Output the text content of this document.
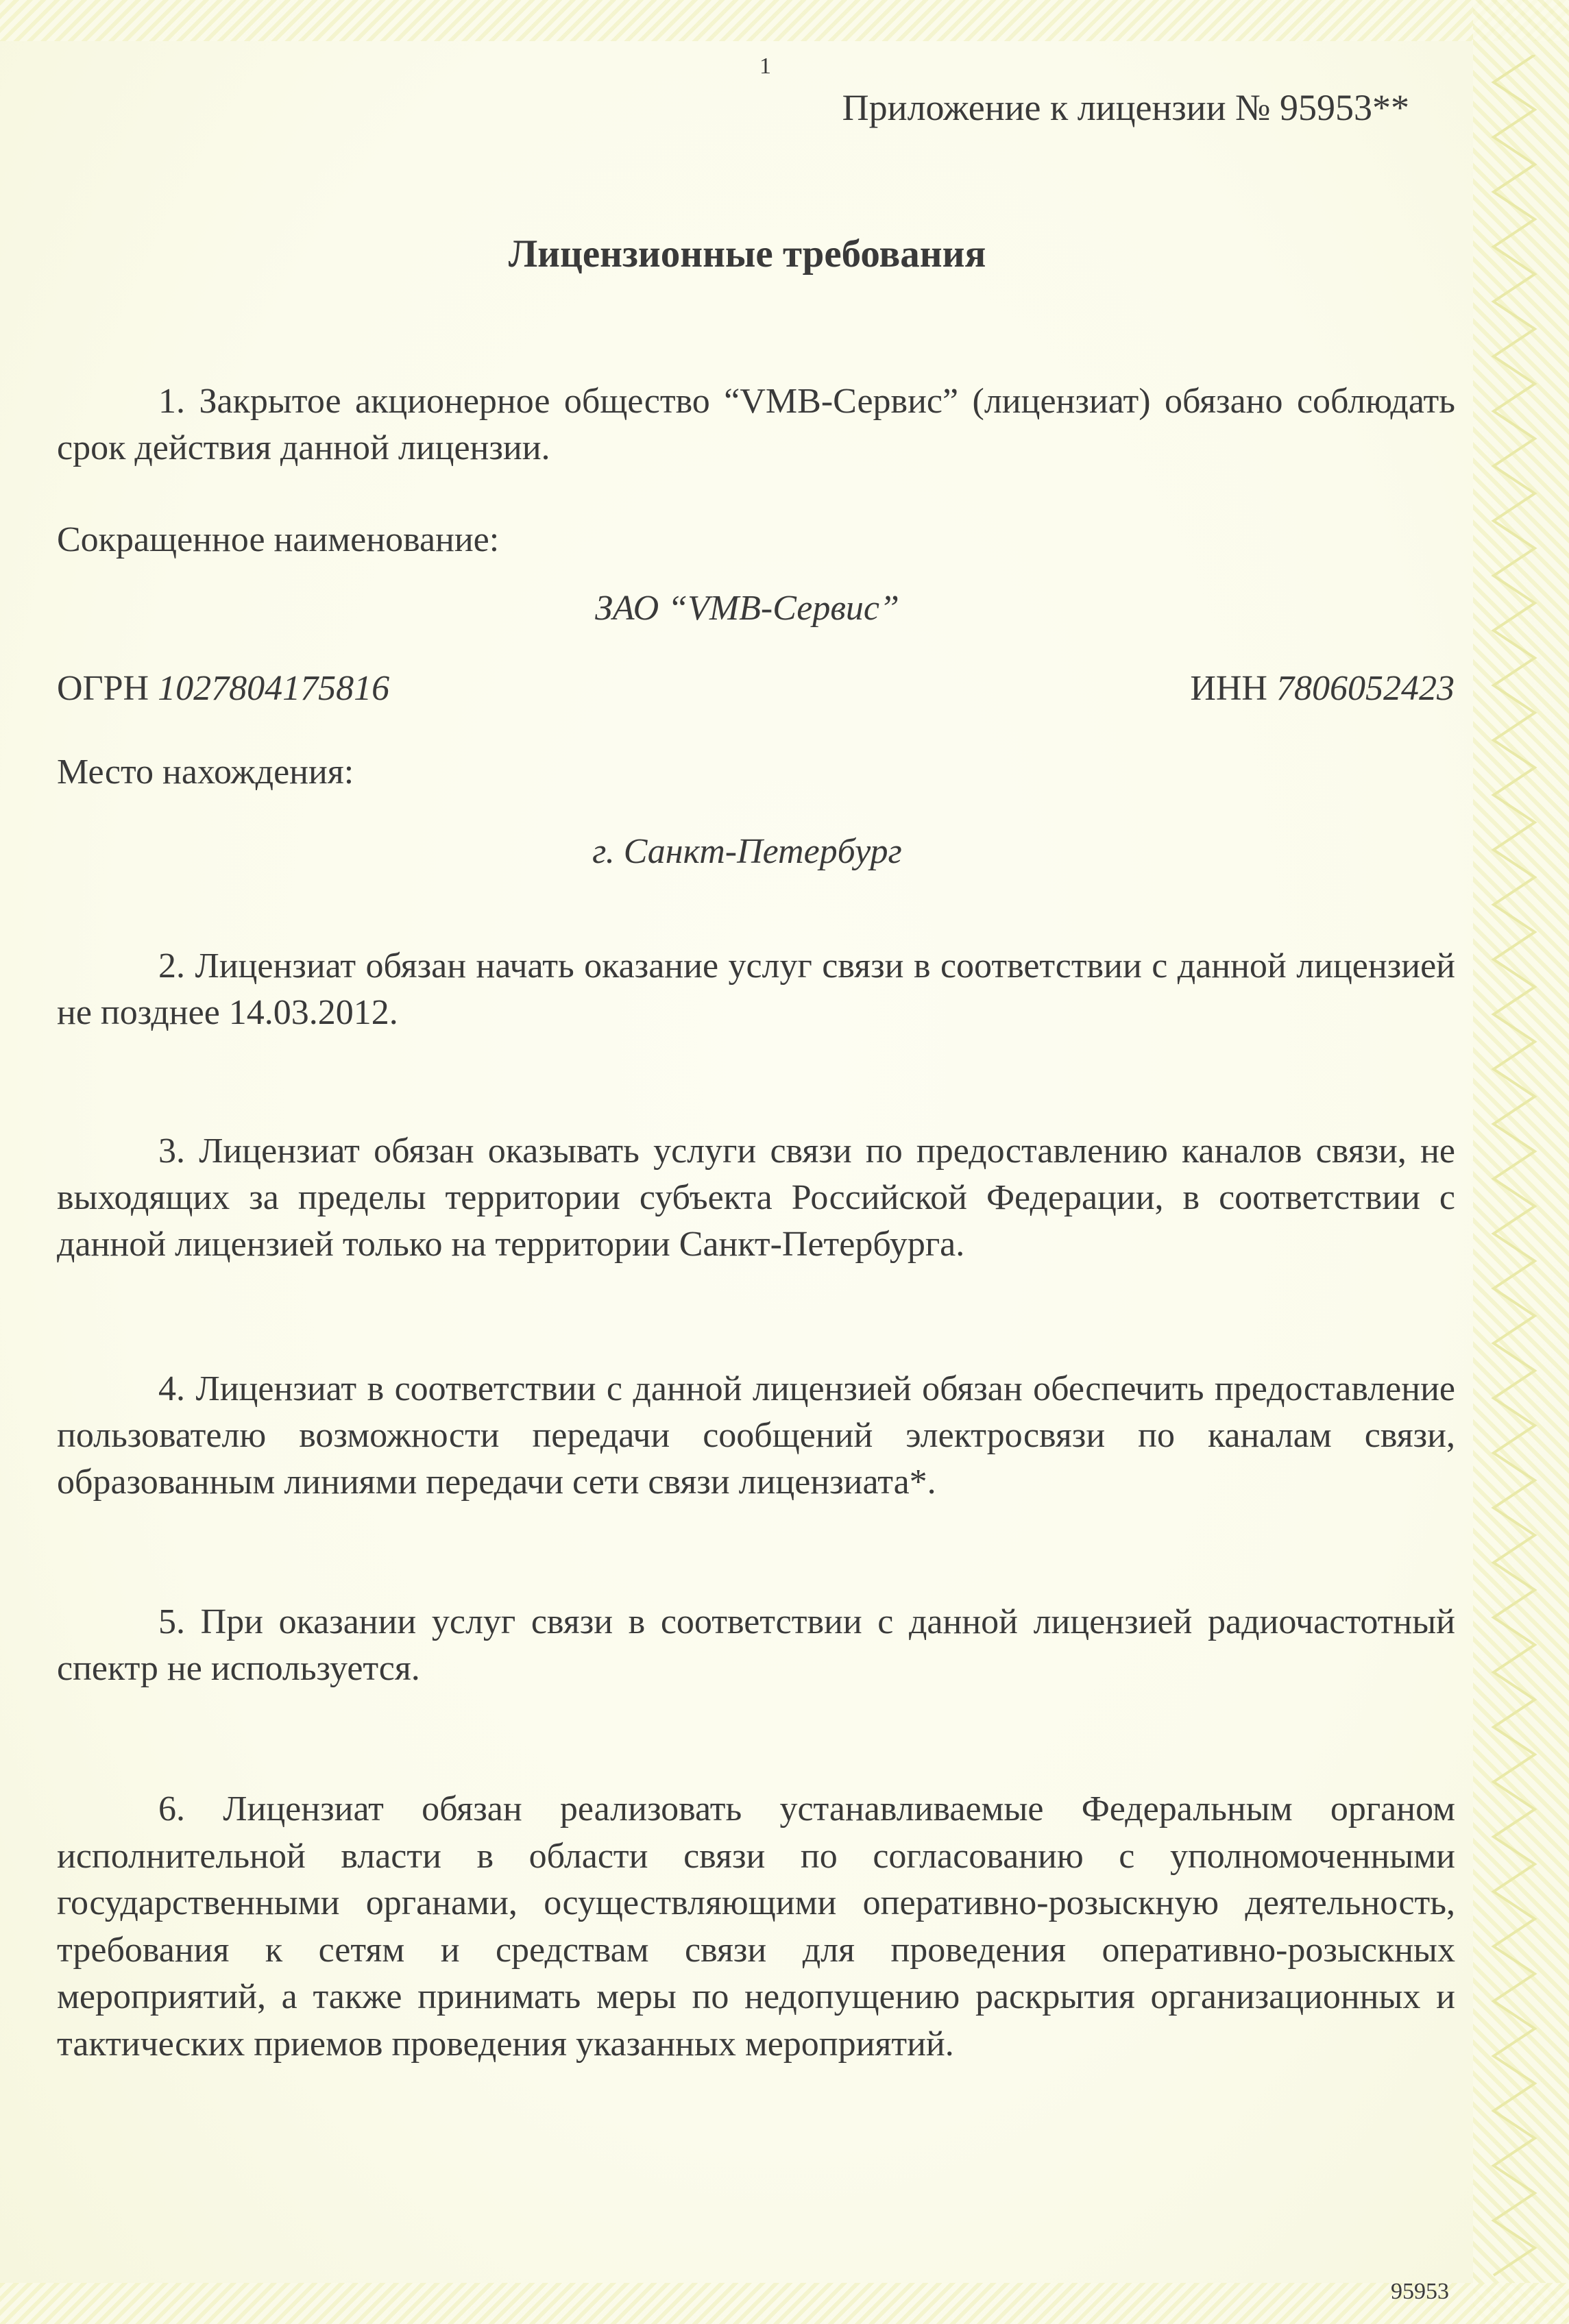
1
Приложение к лицензии № 95953**
Лицензионные требования
1. Закрытое акционерное общество “VMB-Сервис” (лицензиат) обязано соблюдать срок действия данной лицензии.
Сокращенное наименование:
ЗАО “VMB-Сервис”
ОГРН 1027804175816	ИНН 7806052423
Место нахождения:
г. Санкт-Петербург
2. Лицензиат обязан начать оказание услуг связи в соответствии с данной лицензией не позднее 14.03.2012.
3. Лицензиат обязан оказывать услуги связи по предоставлению каналов связи, не выходящих за пределы территории субъекта Российской Федерации, в соответствии с данной лицензией только на территории Санкт-Петербурга.
4. Лицензиат в соответствии с данной лицензией обязан обеспечить предоставление пользователю возможности передачи сообщений электросвязи по каналам связи, образованным линиями передачи сети связи лицензиата*.
5. При оказании услуг связи в соответствии с данной лицензией радиочастотный спектр не используется.
6. Лицензиат обязан реализовать устанавливаемые Федеральным органом исполнительной власти в области связи по согласованию с уполномоченными государственными органами, осуществляющими оперативно-розыскную деятельность, требования к сетям и средствам связи для проведения оперативно-розыскных мероприятий, а также принимать меры по недопущению раскрытия организационных и тактических приемов проведения указанных мероприятий.
95953
